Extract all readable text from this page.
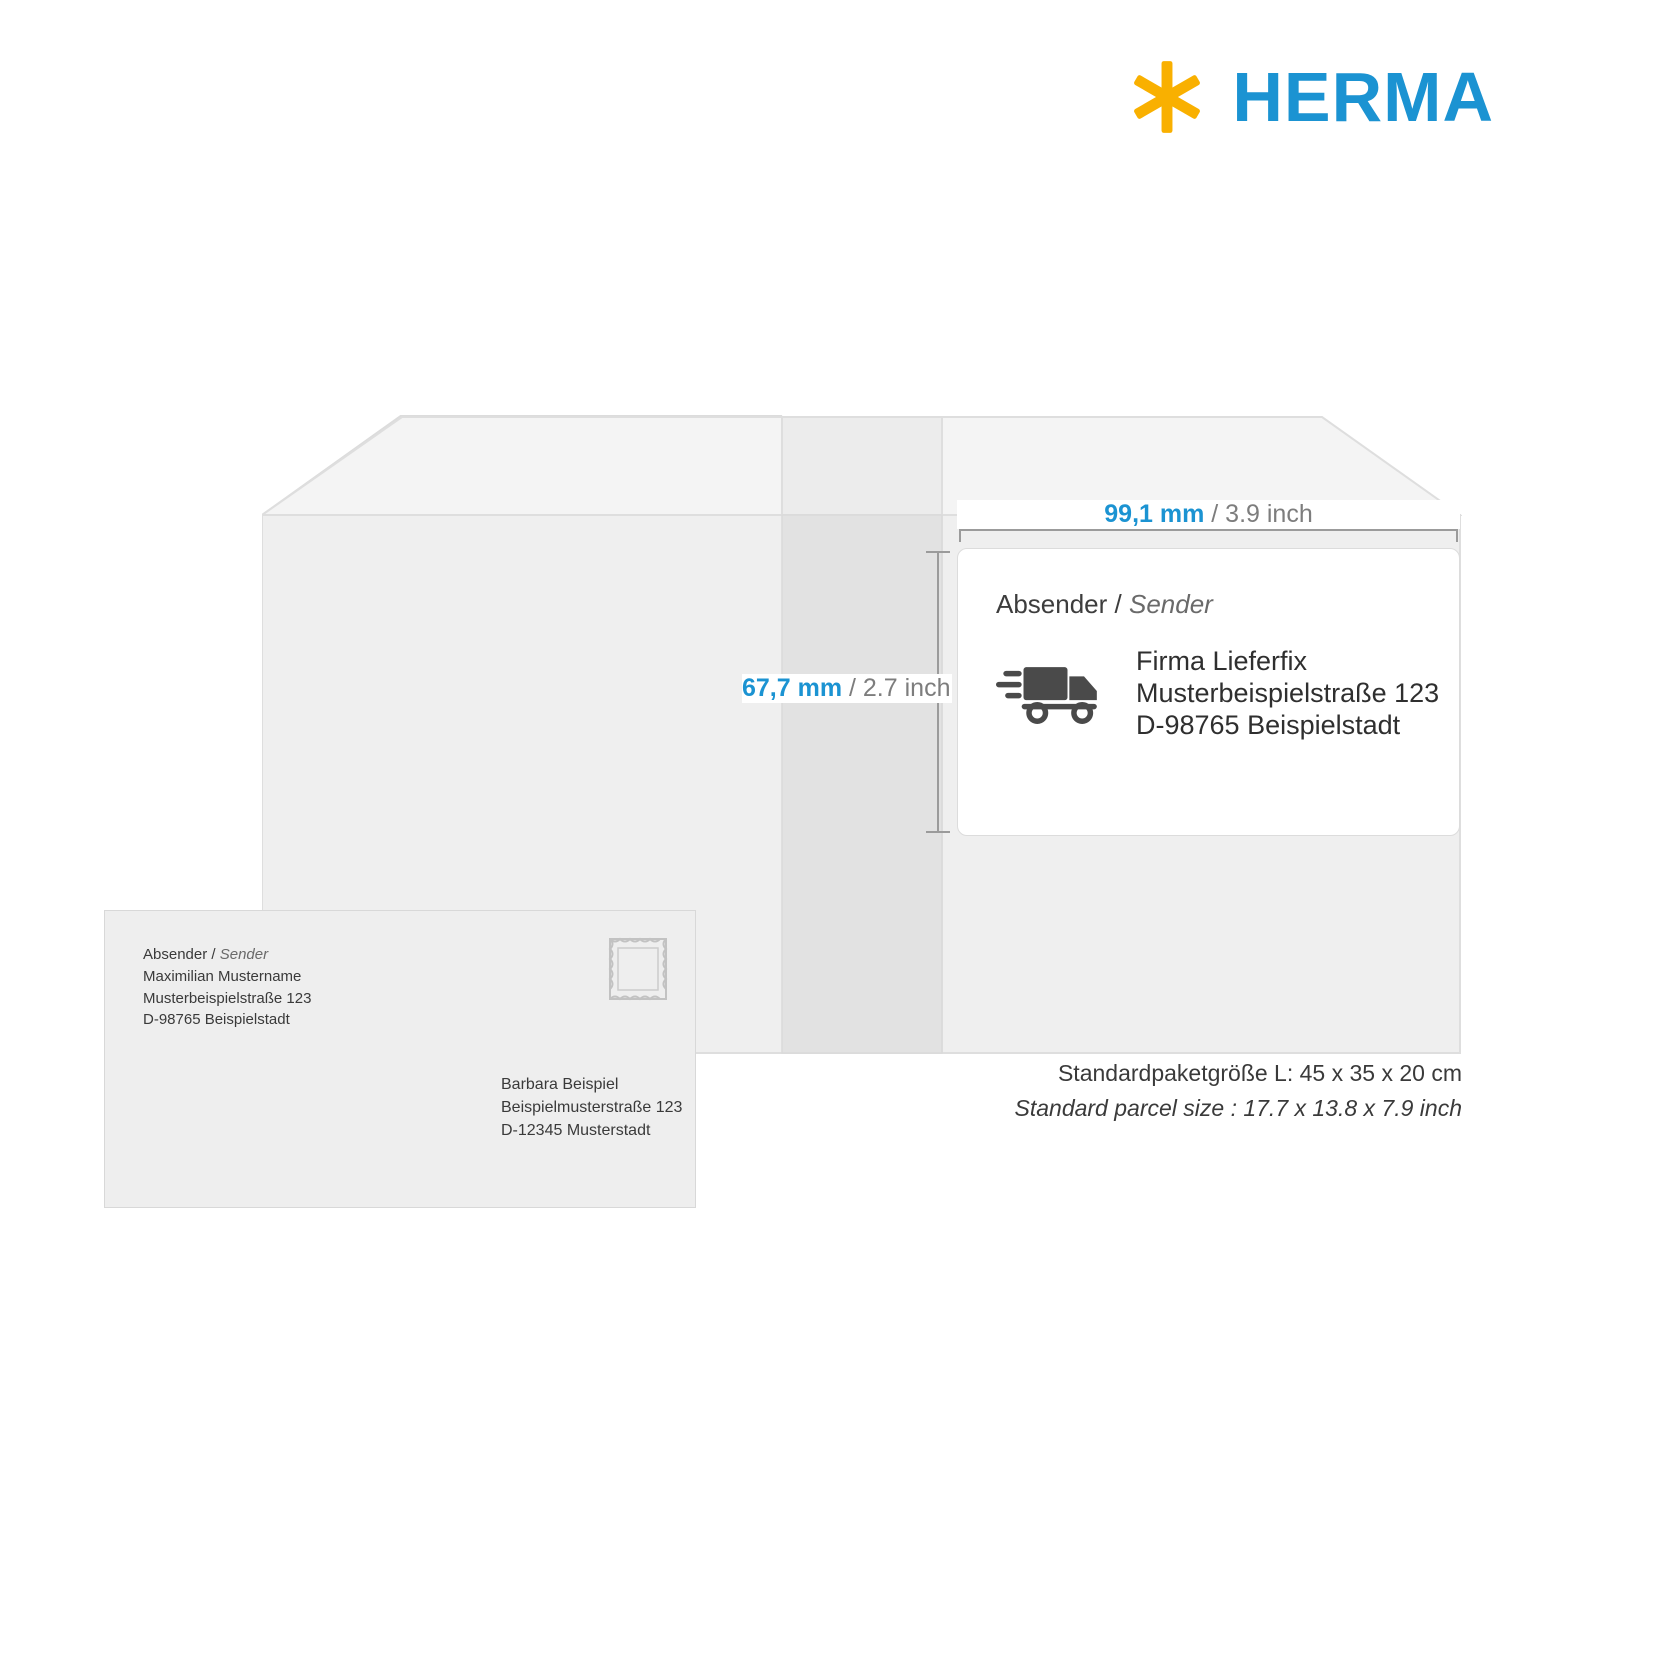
HERMA
99,1 mm / 3.9 inch
67,7 mm / 2.7 inch
Absender / Sender
Firma Lieferfix
Musterbeispielstraße 123
D-98765 Beispielstadt
Absender / Sender
Maximilian Mustername
Musterbeispielstraße 123
D-98765 Beispielstadt
Barbara Beispiel
Beispielmusterstraße 123
D-12345 Musterstadt
Standardpaketgröße L: 45 x 35 x 20 cm
Standard parcel size : 17.7 x 13.8 x 7.9 inch
